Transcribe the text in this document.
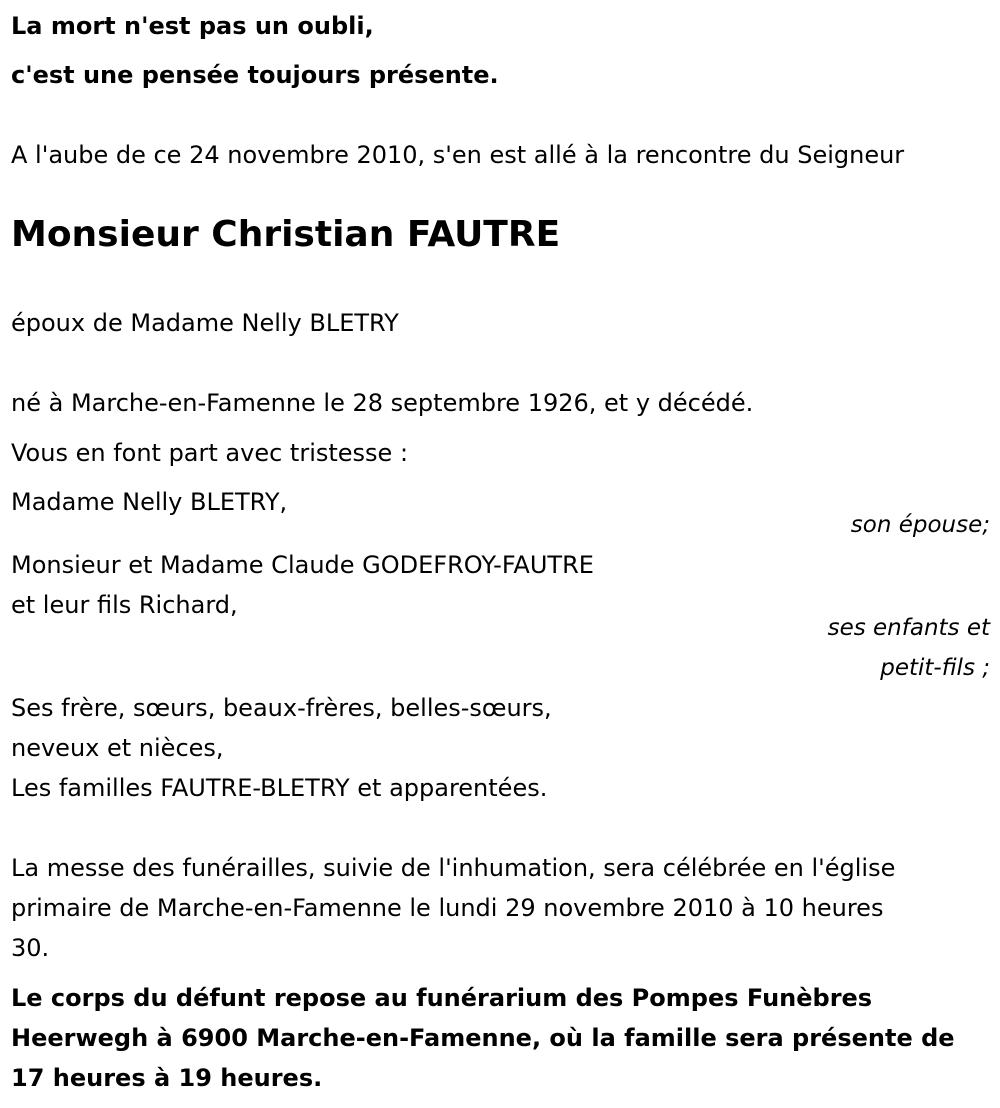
La mort n'est pas un oubli,
c'est une pensée toujours présente.
A l'aube de ce 24 novembre 2010, s'en est allé à la rencontre du Seigneur
Monsieur Christian FAUTRE
époux de Madame Nelly BLETRY
né à Marche-en-Famenne le 28 septembre 1926, et y décédé.
Vous en font part avec tristesse :
Madame Nelly BLETRY,
son épouse;
Monsieur et Madame Claude GODEFROY-FAUTRE
et leur fils Richard,
ses enfants et
petit-fils ;
Ses frère, sœurs, beaux-frères, belles-sœurs,
neveux et nièces,
Les familles FAUTRE-BLETRY et apparentées.
La messe des funérailles, suivie de l'inhumation, sera célébrée en l'église
primaire de Marche-en-Famenne le lundi 29 novembre 2010 à 10 heures
30.
Le corps du défunt repose au funérarium des Pompes Funèbres
Heerwegh à 6900 Marche-en-Famenne, où la famille sera présente de
17 heures à 19 heures.
